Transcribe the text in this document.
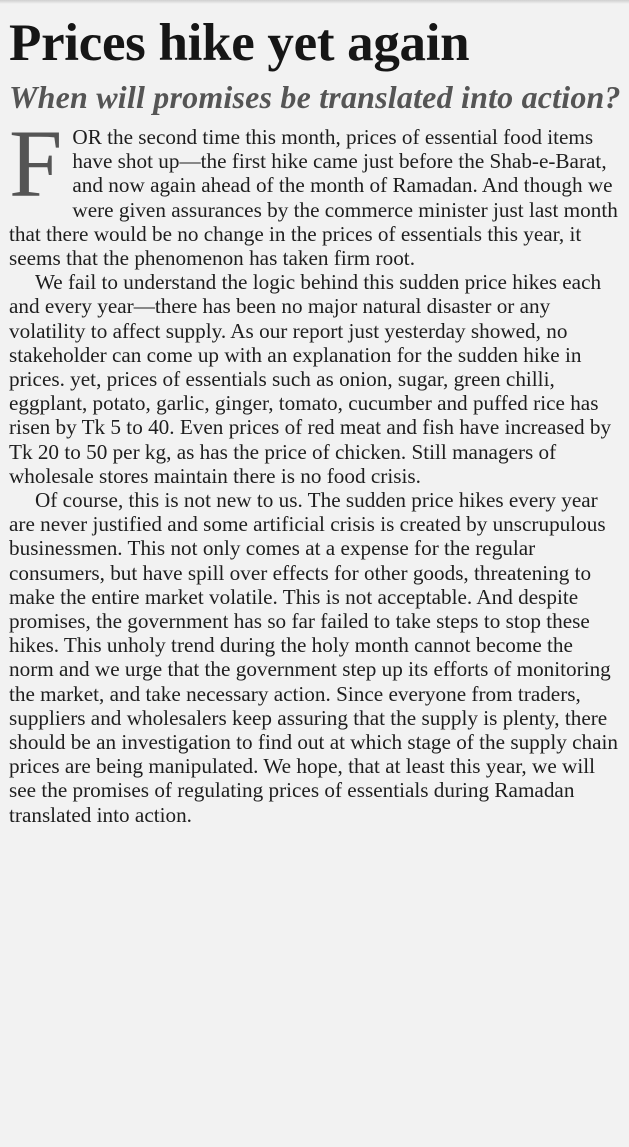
Prices hike yet again
When will promises be translated into action?

FOR the second time this month, prices of essential food items have shot up—the first hike came just before the Shab-e-Barat, and now again ahead of the month of Ramadan. And though we were given assurances by the commerce minister just last month that there would be no change in the prices of essentials this year, it seems that the phenomenon has taken firm root.

We fail to understand the logic behind this sudden price hikes each and every year—there has been no major natural disaster or any volatility to affect supply. As our report just yesterday showed, no stakeholder can come up with an explanation for the sudden hike in prices. yet, prices of essentials such as onion, sugar, green chilli, eggplant, potato, garlic, ginger, tomato, cucumber and puffed rice has risen by Tk 5 to 40. Even prices of red meat and fish have increased by Tk 20 to 50 per kg, as has the price of chicken. Still managers of wholesale stores maintain there is no food crisis.

Of course, this is not new to us. The sudden price hikes every year are never justified and some artificial crisis is created by unscrupulous businessmen. This not only comes at a expense for the regular consumers, but have spill over effects for other goods, threatening to make the entire market volatile. This is not acceptable. And despite promises, the government has so far failed to take steps to stop these hikes. This unholy trend during the holy month cannot become the norm and we urge that the government step up its efforts of monitoring the market, and take necessary action. Since everyone from traders, suppliers and wholesalers keep assuring that the supply is plenty, there should be an investigation to find out at which stage of the supply chain prices are being manipulated. We hope, that at least this year, we will see the promises of regulating prices of essentials during Ramadan translated into action.
